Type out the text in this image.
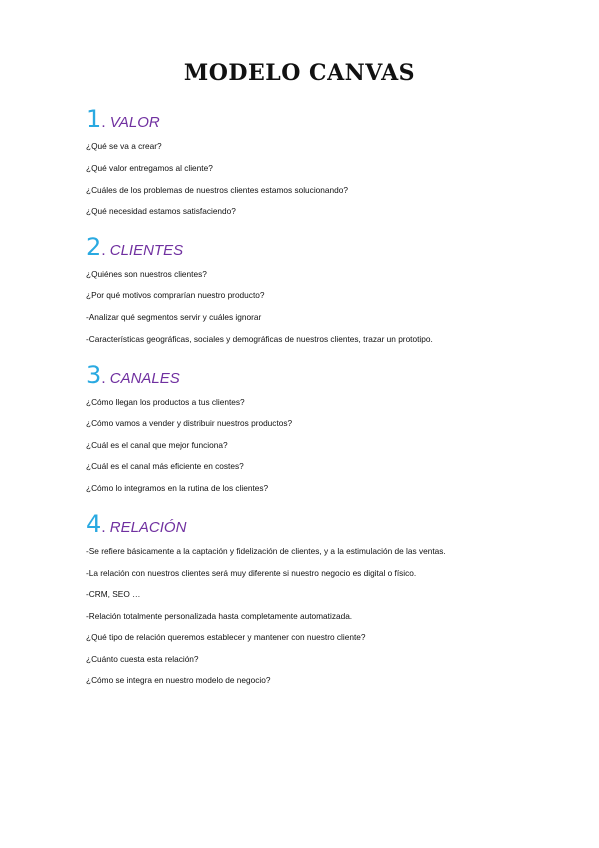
MODELO CANVAS
1. VALOR
¿Qué se va a crear?
¿Qué valor entregamos al cliente?
¿Cuáles de los problemas de nuestros clientes estamos solucionando?
¿Qué necesidad estamos satisfaciendo?
2. CLIENTES
¿Quiénes son nuestros clientes?
¿Por qué motivos comprarían nuestro producto?
-Analizar qué segmentos servir y cuáles ignorar
-Características geográficas, sociales y demográficas de nuestros clientes, trazar un prototipo.
3. CANALES
¿Cómo llegan los productos a tus clientes?
¿Cómo vamos a vender y distribuir nuestros productos?
¿Cuál es el canal que mejor funciona?
¿Cuál es el canal más eficiente en costes?
¿Cómo lo integramos en la rutina de los clientes?
4. RELACIÓN
-Se refiere básicamente a la captación y fidelización de clientes, y a la estimulación de las ventas.
-La relación con nuestros clientes será muy diferente si nuestro negocio es digital o físico.
-CRM, SEO …
-Relación totalmente personalizada hasta completamente automatizada.
¿Qué tipo de relación queremos establecer y mantener con nuestro cliente?
¿Cuánto cuesta esta relación?
¿Cómo se integra en nuestro modelo de negocio?
